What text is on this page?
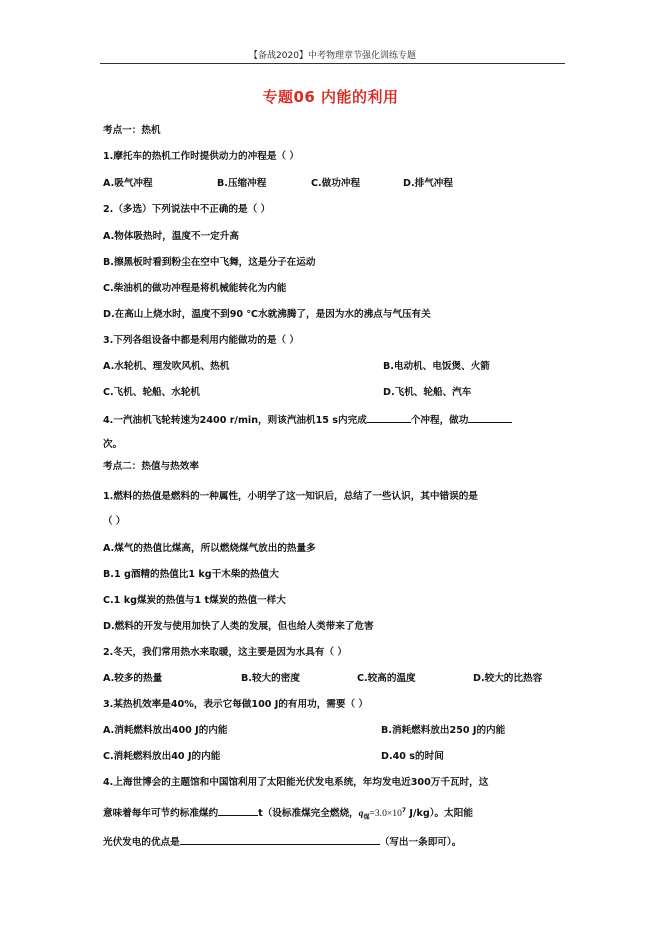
【备战2020】中考物理章节强化训练专题
专题06 内能的利用
考点一：热机
1.摩托车的热机工作时提供动力的冲程是（ ）
A.吸气冲程	B.压缩冲程	C.做功冲程	D.排气冲程
2.（多选）下列说法中不正确的是（ ）
A.物体吸热时，温度不一定升高
B.擦黑板时看到粉尘在空中飞舞，这是分子在运动
C.柴油机的做功冲程是将机械能转化为内能
D.在高山上烧水时，温度不到90 ℃水就沸腾了，是因为水的沸点与气压有关
3.下列各组设备中都是利用内能做功的是（ ）
A.水轮机、理发吹风机、热机	B.电动机、电饭煲、火箭
C.飞机、轮船、水轮机	D.飞机、轮船、汽车
4.一汽油机飞轮转速为2400 r/min，则该汽油机15 s内完成	个冲程，做功
次。
考点二：热值与热效率
1.燃料的热值是燃料的一种属性，小明学了这一知识后，总结了一些认识，其中错误的是
（ ）
A.煤气的热值比煤高，所以燃烧煤气放出的热量多
B.1 g酒精的热值比1 kg干木柴的热值大
C.1 kg煤炭的热值与1 t煤炭的热值一样大
D.燃料的开发与使用加快了人类的发展，但也给人类带来了危害
2.冬天，我们常用热水来取暖，这主要是因为水具有（ ）
A.较多的热量	B.较大的密度	C.较高的温度	D.较大的比热容
3.某热机效率是40%，表示它每做100 J的有用功，需要（ ）
A.消耗燃料放出400 J的内能	B.消耗燃料放出250 J的内能
C.消耗燃料放出40 J的内能	D.40 s的时间
4.上海世博会的主题馆和中国馆利用了太阳能光伏发电系统，年均发电近300万千瓦时，这
意味着每年可节约标准煤约	t（设标准煤完全燃烧，$q_煤=3.0\times 10^7$ J/kg）。太阳能
光伏发电的优点是	（写出一条即可）。
